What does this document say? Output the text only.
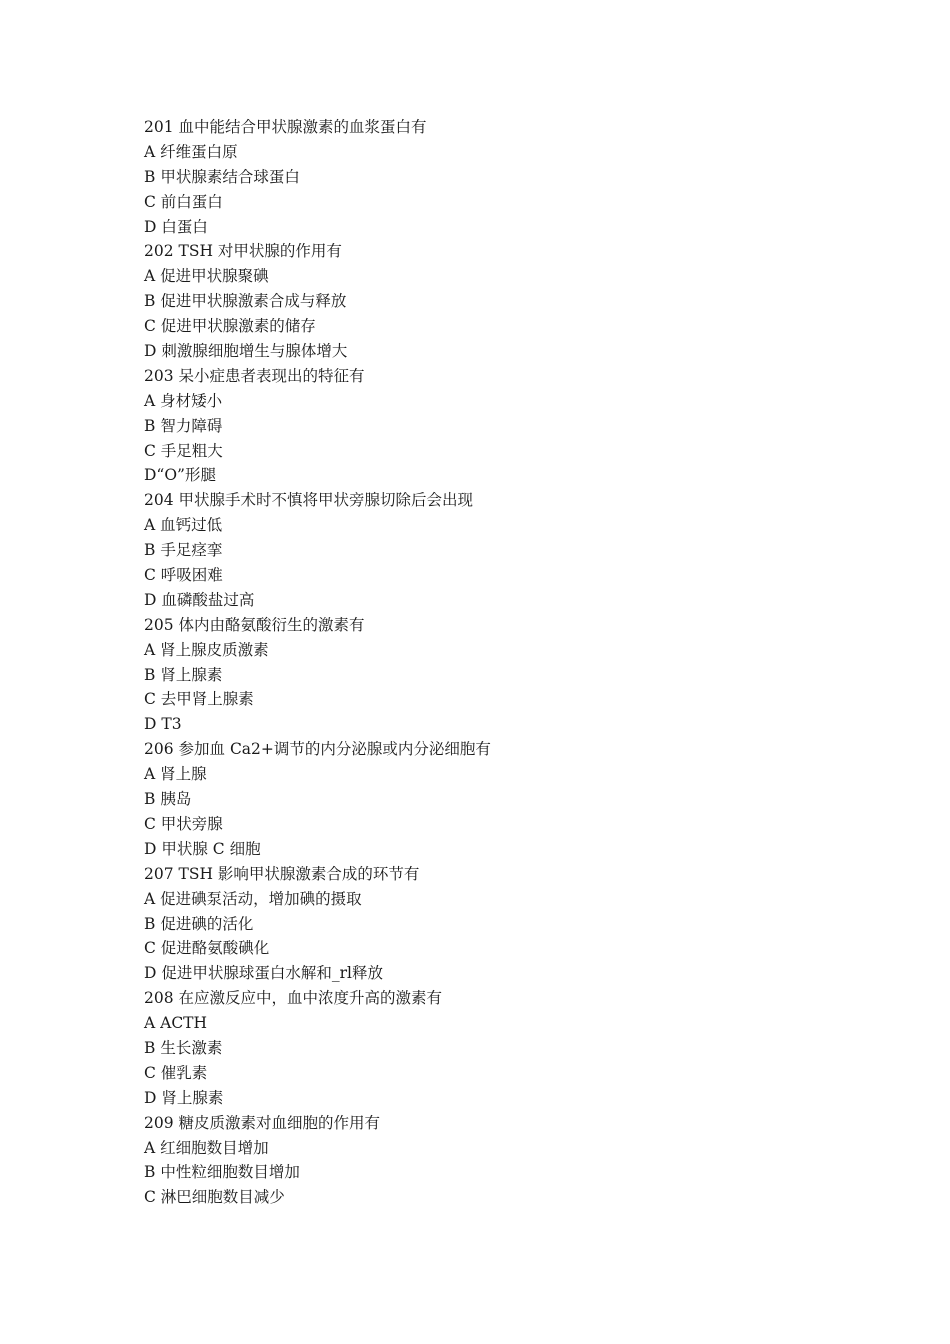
201 血中能结合甲状腺激素的血浆蛋白有
A 纤维蛋白原
B 甲状腺素结合球蛋白
C 前白蛋白
D 白蛋白
202 TSH 对甲状腺的作用有
A 促进甲状腺聚碘
B 促进甲状腺激素合成与释放
C 促进甲状腺激素的储存
D 刺激腺细胞增生与腺体增大
203 呆小症患者表现出的特征有
A 身材矮小
B 智力障碍
C 手足粗大
D“O”形腿
204 甲状腺手术时不慎将甲状旁腺切除后会出现
A 血钙过低
B 手足痉挛
C 呼吸困难
D 血磷酸盐过高
205 体内由酪氨酸衍生的激素有
A 肾上腺皮质激素
B 肾上腺素
C 去甲肾上腺素
D T3
206 参加血 Ca2+调节的内分泌腺或内分泌细胞有
A 肾上腺
B 胰岛
C 甲状旁腺
D 甲状腺 C 细胞
207 TSH 影响甲状腺激素合成的环节有
A 促进碘泵活动，增加碘的摄取
B 促进碘的活化
C 促进酪氨酸碘化
D 促进甲状腺球蛋白水解和_rl释放
208 在应激反应中，血中浓度升高的激素有
A ACTH
B 生长激素
C 催乳素
D 肾上腺素
209 糖皮质激素对血细胞的作用有
A 红细胞数目增加
B 中性粒细胞数目增加
C 淋巴细胞数目减少
